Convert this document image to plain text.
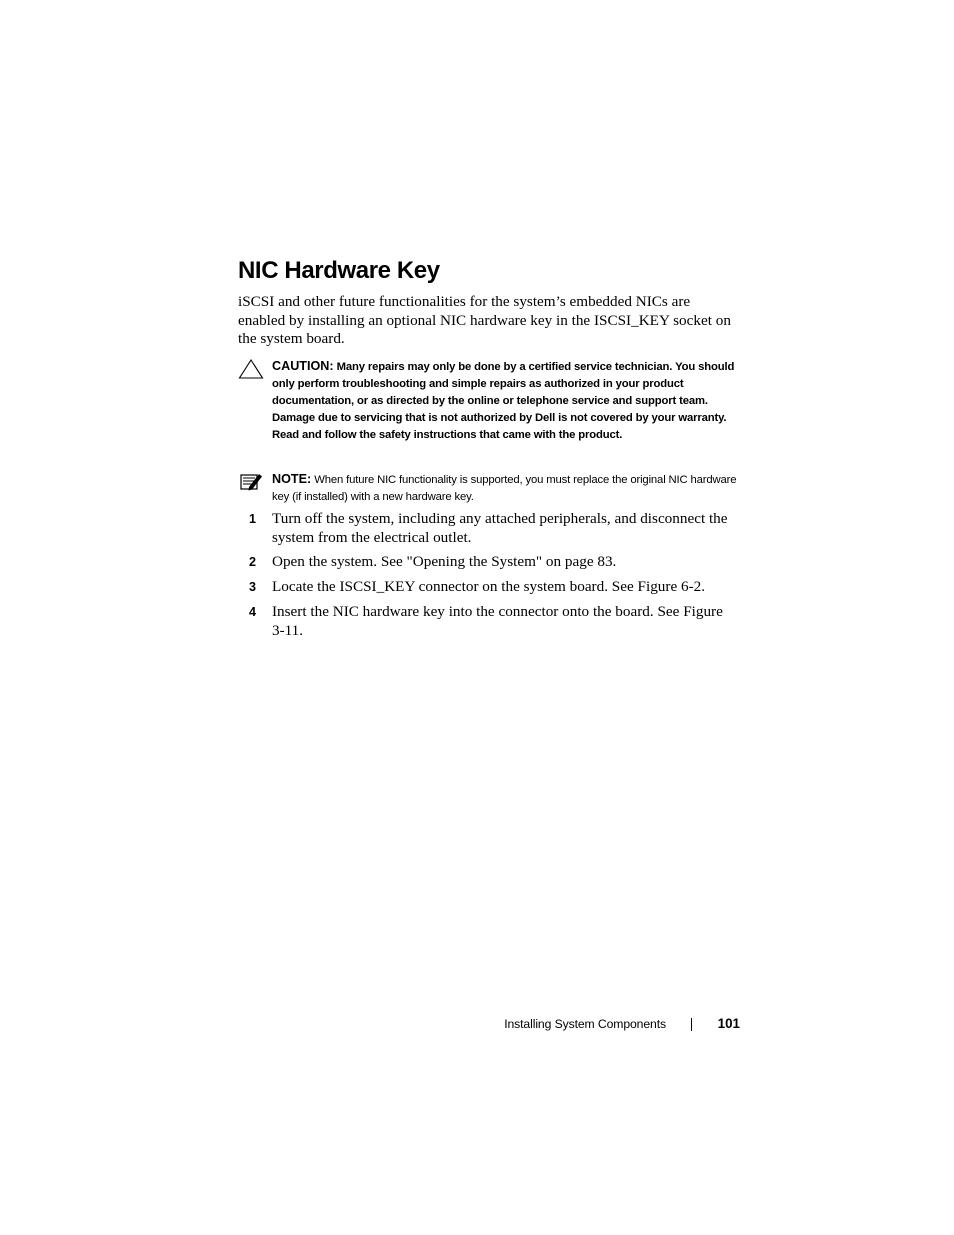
NIC Hardware Key

iSCSI and other future functionalities for the system’s embedded NICs are enabled by installing an optional NIC hardware key in the ISCSI_KEY socket on the system board.

CAUTION: Many repairs may only be done by a certified service technician. You should only perform troubleshooting and simple repairs as authorized in your product documentation, or as directed by the online or telephone service and support team. Damage due to servicing that is not authorized by Dell is not covered by your warranty. Read and follow the safety instructions that came with the product.

NOTE: When future NIC functionality is supported, you must replace the original NIC hardware key (if installed) with a new hardware key.

1 Turn off the system, including any attached peripherals, and disconnect the system from the electrical outlet.
2 Open the system. See "Opening the System" on page 83.
3 Locate the ISCSI_KEY connector on the system board. See Figure 6-2.
4 Insert the NIC hardware key into the connector onto the board. See Figure 3-11.
Installing System Components	101
